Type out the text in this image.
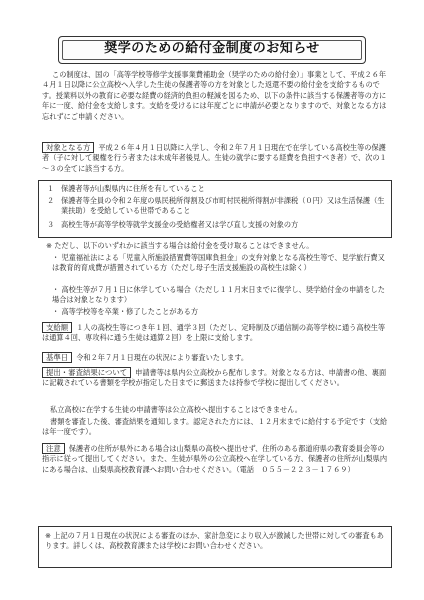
奨学のための給付金制度のお知らせ
この制度は、国の「高等学校等修学支援事業費補助金（奨学のための給付金）」事業として、平成２６年４月１日以降に公立高校へ入学した生徒の保護者等の方を対象とした返還不要の給付金を支給するものです。授業料以外の教育に必要な経費の経済的負担の軽減を図るため、以下の条件に該当する保護者等の方に年に一度、給付金を支給します。支給を受けるには年度ごとに申請が必要となりますので、対象となる方は忘れずにご申請ください。
対象となる方 平成２６年４月１日以降に入学し、令和２年７月１日現在で在学している高校生等の保護者（子に対して親権を行う者または未成年者後見人。生徒の就学に要する経費を負担すべき者）で、次の１～３の全てに該当する方。
１ 保護者等が山梨県内に住所を有していること
２ 保護者等全員の令和２年度の県民税所得割及び市町村民税所得割が非課税（０円）又は生活保護（生業扶助）を受給している世帯であること
３ 高校生等が高等学校等就学支援金の受給権者又は学び直し支援の対象の方
※ ただし、以下のいずれかに該当する場合は給付金を受け取ることはできません。
・ 児童福祉法による「児童入所施設措置費等国庫負担金」の支弁対象となる高校生等で、見学旅行費又は教育的育成費が措置されている方（ただし母子生活支援施設の高校生は除く）
・ 高校生等が７月１日に休学している場合（ただし１１月末日までに復学し、奨学給付金の申請をした場合は対象となります）
・ 高等学校等を卒業・修了したことがある方
支給額 １人の高校生等につき年１回、通学３回（ただし、定時制及び通信制の高等学校に通う高校生等は通算４回、専攻科に通う生徒は通算２回）を上限に支給します。
基準日 令和２年７月１日現在の状況により審査いたします。
提出・審査結果について 申請書等は県内公立高校から配布します。対象となる方は、申請書の他、裏面に記載されている書類を学校が指定した日までに郵送または持参で学校に提出してください。
私立高校に在学する生徒の申請書等は公立高校へ提出することはできません。
書類を審査した後、審査結果を通知します。認定された方には、１２月末までに給付する予定です（支給は年一度です）。
注意 保護者の住所が県外にある場合は山梨県の高校へ提出せず、住所のある都道府県の教育委員会等の指示に従って提出してください。また、生徒が県外の公立高校へ在学している方、保護者の住所が山梨県内にある場合は、山梨県高校教育課へお問い合わせください。（電話　０５５－２２３－１７６９）
※ 上記の７月１日現在の状況による審査のほか、家計急変により収入が激減した世帯に対しての審査もあります。詳しくは、高校教育課または学校にお問い合わせください。
